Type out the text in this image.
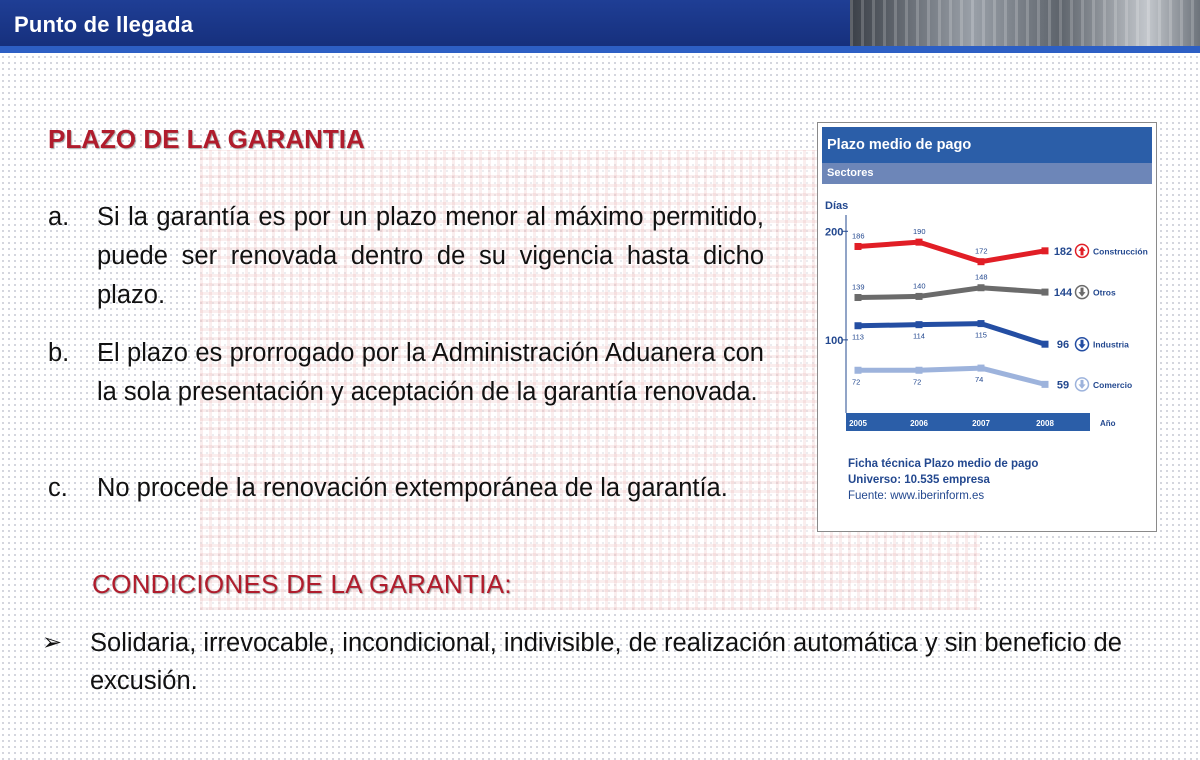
Punto de llegada
PLAZO DE LA GARANTIA
a. Si la garantía es por un plazo menor al máximo permitido, puede ser renovada dentro de su vigencia hasta dicho plazo.
b. El plazo es prorrogado por la Administración Aduanera con la sola presentación y aceptación de la garantía renovada.
c. No procede la renovación extemporánea de la garantía.
CONDICIONES DE LA GARANTIA:
➢ Solidaria, irrevocable, incondicional, indivisible, de realización automática y sin beneficio de excusión.
Plazo medio de pago
Sectores
Días
100
200
2005	2006	2007	2008	Año
186	190
172	182 Construcción
139	140
148
144 Otros
113	114	115
96	Industria
72	72	74	59	Comercio
Ficha técnica Plazo medio de pago
Universo: 10.535 empresa
Fuente: www.iberinform.es
